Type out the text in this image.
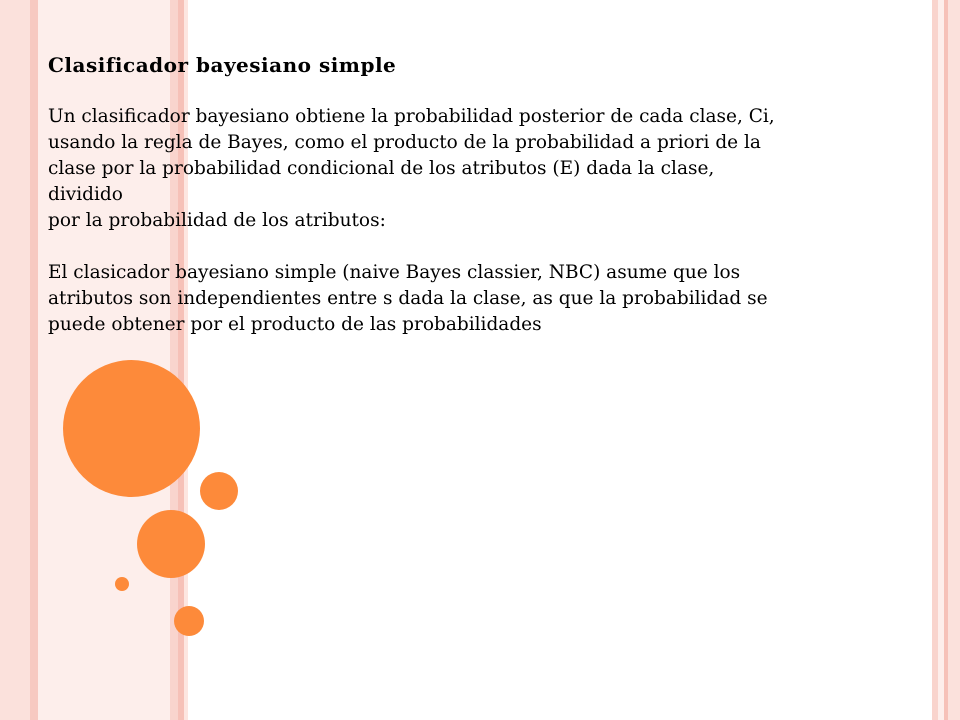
Clasificador bayesiano simple

Un clasificador bayesiano obtiene la probabilidad posterior de cada clase, Ci,
usando la regla de Bayes, como el producto de la probabilidad a priori de la
clase por la probabilidad condicional de los atributos (E) dada la clase,
dividido
por la probabilidad de los atributos:

El clasicador bayesiano simple (naive Bayes classier, NBC) asume que los
atributos son independientes entre s dada la clase, as que la probabilidad se
puede obtener por el producto de las probabilidades
